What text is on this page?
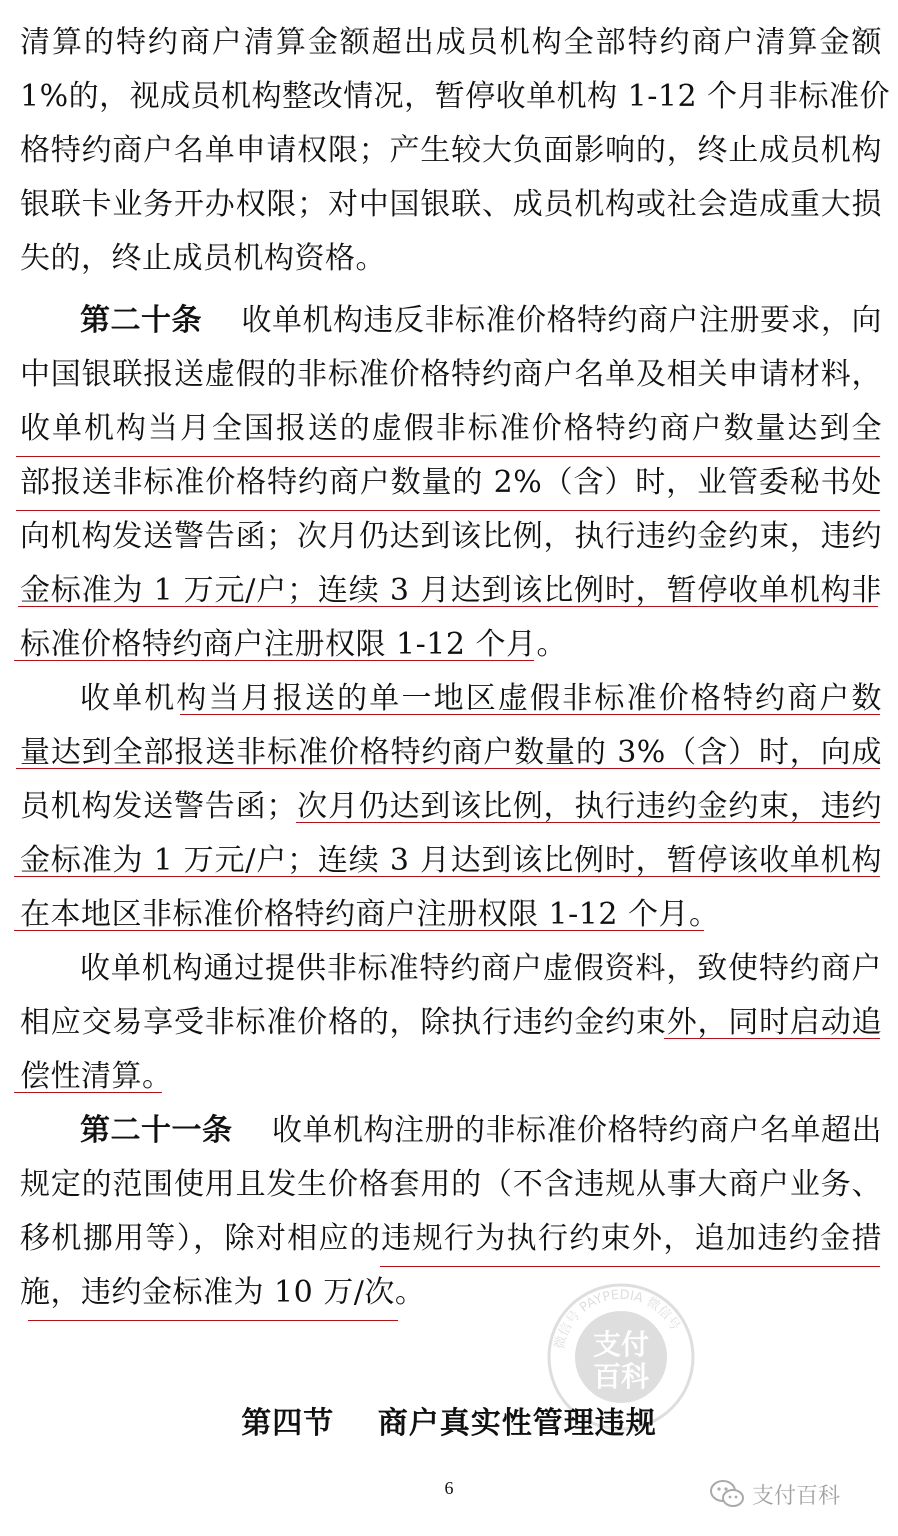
清算的特约商户清算金额超出成员机构全部特约商户清算金额
1%的，视成员机构整改情况，暂停收单机构 1-12 个月非标准价
格特约商户名单申请权限；产生较大负面影响的，终止成员机构
银联卡业务开办权限；对中国银联、成员机构或社会造成重大损
失的，终止成员机构资格。
第二十条 收单机构违反非标准价格特约商户注册要求，向
中国银联报送虚假的非标准价格特约商户名单及相关申请材料，
收单机构当月全国报送的虚假非标准价格特约商户数量达到全
部报送非标准价格特约商户数量的 2%（含）时，业管委秘书处
向机构发送警告函；次月仍达到该比例，执行违约金约束，违约
金标准为 1 万元/户；连续 3 月达到该比例时，暂停收单机构非
标准价格特约商户注册权限 1-12 个月。
收单机构当月报送的单一地区虚假非标准价格特约商户数
量达到全部报送非标准价格特约商户数量的 3%（含）时，向成
员机构发送警告函；次月仍达到该比例，执行违约金约束，违约
金标准为 1 万元/户；连续 3 月达到该比例时，暂停该收单机构
在本地区非标准价格特约商户注册权限 1-12 个月。
收单机构通过提供非标准特约商户虚假资料，致使特约商户
相应交易享受非标准价格的，除执行违约金约束外，同时启动追
偿性清算。
第二十一条 收单机构注册的非标准价格特约商户名单超出
规定的范围使用且发生价格套用的（不含违规从事大商户业务、
移机挪用等），除对相应的违规行为执行约束外，追加违约金措
施，违约金标准为 10 万/次。
微信号 PAYPEDIA 微信号
支付
百科
第四节 商户真实性管理违规
6	支付百科
